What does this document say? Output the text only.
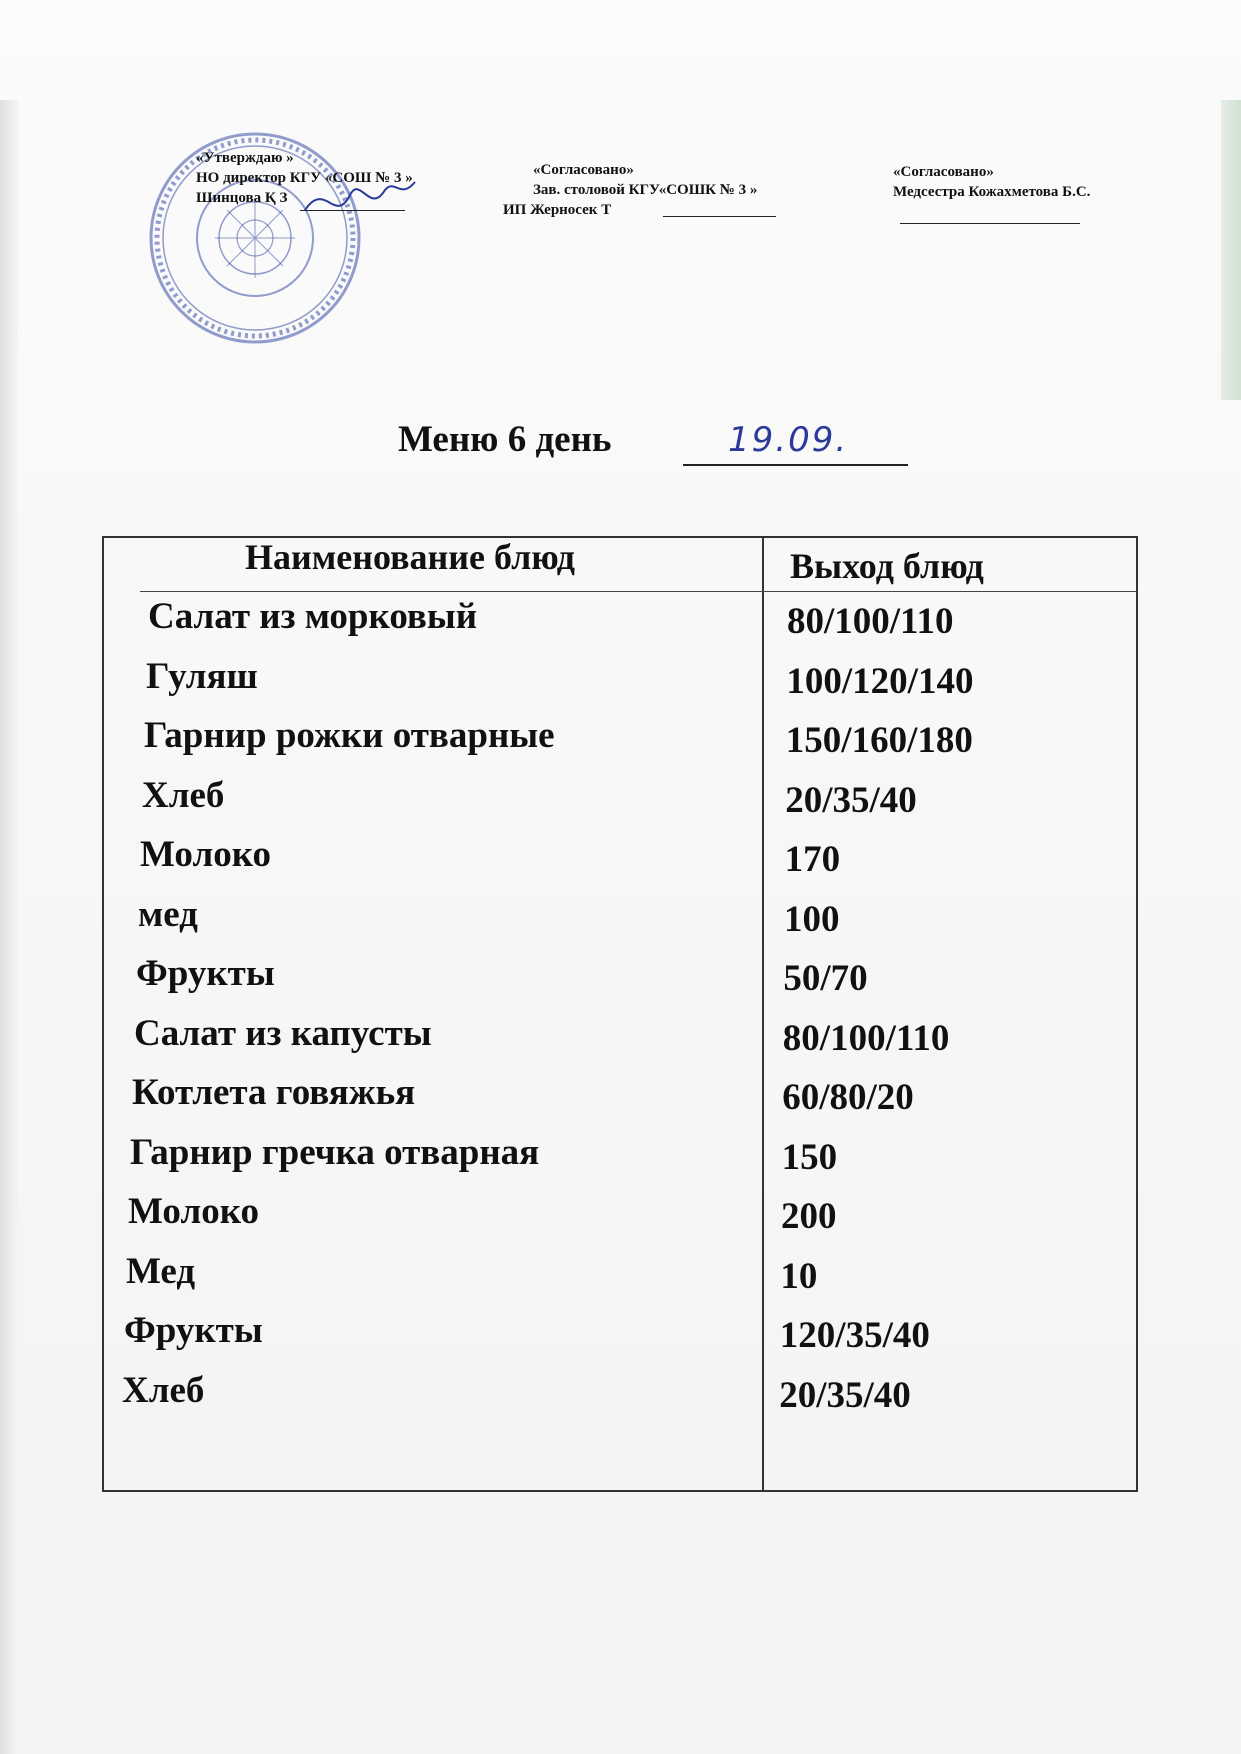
«Утверждаю »
НО директор КГУ «СОШ № 3 »
Шинцова Қ З
«Согласовано»
Зав. столовой КГУ«СОШК № 3 »
ИП Жерносек Т
«Согласовано»
Медсестра Кожахметова Б.С.
Меню 6 день	19.09.
Наименование блюд	Выход блюд
Салат из морковый	80/100/110
Гуляш	100/120/140
Гарнир рожки отварные	150/160/180
Хлеб	20/35/40
Молоко	170
мед	100
Фрукты	50/70
Салат из капусты	80/100/110
Котлета говяжья	60/80/20
Гарнир гречка отварная	150
Молоко	200
Мед	10
Фрукты	120/35/40
Хлеб	20/35/40
